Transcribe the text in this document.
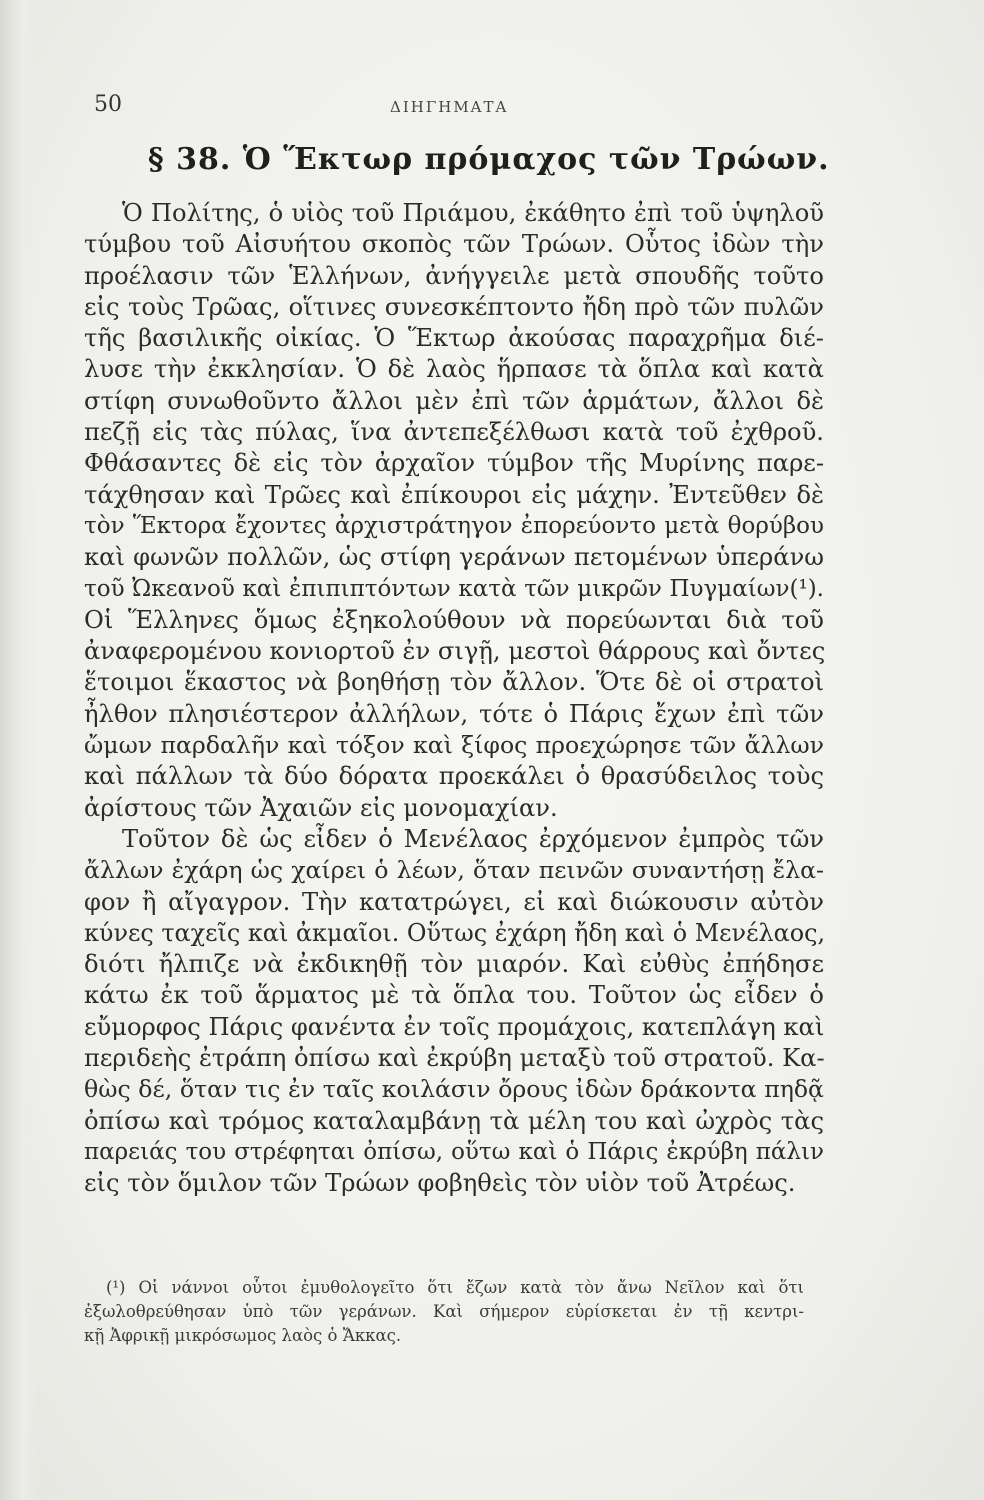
50	ΔΙΗΓΗΜΑΤΑ
§ 38. Ὁ Ἕκτωρ πρόμαχος τῶν Τρώων.
Ὁ Πολίτης, ὁ υἱὸς τοῦ Πριάμου, ἐκάθητο ἐπὶ τοῦ ὑψηλοῦ
τύμβου τοῦ Αἰσυήτου σκοπὸς τῶν Τρώων. Οὗτος ἰδὼν τὴν
προέλασιν τῶν Ἑλλήνων, ἀνήγγειλε μετὰ σπουδῆς τοῦτο
εἰς τοὺς Τρῶας, οἵτινες συνεσκέπτοντο ἤδη πρὸ τῶν πυλῶν
τῆς βασιλικῆς οἰκίας. Ὁ Ἕκτωρ ἀκούσας παραχρῆμα διέ-
λυσε τὴν ἐκκλησίαν. Ὁ δὲ λαὸς ἥρπασε τὰ ὅπλα καὶ κατὰ
στίφη συνωθοῦντο ἄλλοι μὲν ἐπὶ τῶν ἁρμάτων, ἄλλοι δὲ
πεζῇ εἰς τὰς πύλας, ἵνα ἀντεπεξέλθωσι κατὰ τοῦ ἐχθροῦ.
Φθάσαντες δὲ εἰς τὸν ἀρχαῖον τύμβον τῆς Μυρίνης παρε-
τάχθησαν καὶ Τρῶες καὶ ἐπίκουροι εἰς μάχην. Ἐντεῦθεν δὲ
τὸν Ἕκτορα ἔχοντες ἀρχιστράτηγον ἐπορεύοντο μετὰ θορύβου
καὶ φωνῶν πολλῶν, ὡς στίφη γεράνων πετομένων ὑπεράνω
τοῦ Ὠκεανοῦ καὶ ἐπιπιπτόντων κατὰ τῶν μικρῶν Πυγμαίων(¹).
Οἱ Ἕλληνες ὅμως ἐξηκολούθουν νὰ πορεύωνται διὰ τοῦ
ἀναφερομένου κονιορτοῦ ἐν σιγῇ, μεστοὶ θάρρους καὶ ὄντες
ἕτοιμοι ἕκαστος νὰ βοηθήσῃ τὸν ἄλλον. Ὅτε δὲ οἱ στρατοὶ
ἦλθον πλησιέστερον ἀλλήλων, τότε ὁ Πάρις ἔχων ἐπὶ τῶν
ὤμων παρδαλῆν καὶ τόξον καὶ ξίφος προεχώρησε τῶν ἄλλων
καὶ πάλλων τὰ δύο δόρατα προεκάλει ὁ θρασύδειλος τοὺς
ἀρίστους τῶν Ἀχαιῶν εἰς μονομαχίαν.
Τοῦτον δὲ ὡς εἶδεν ὁ Μενέλαος ἐρχόμενον ἐμπρὸς τῶν
ἄλλων ἐχάρη ὡς χαίρει ὁ λέων, ὅταν πεινῶν συναντήσῃ ἔλα-
φον ἢ αἴγαγρον. Τὴν κατατρώγει, εἰ καὶ διώκουσιν αὐτὸν
κύνες ταχεῖς καὶ ἀκμαῖοι. Οὕτως ἐχάρη ἤδη καὶ ὁ Μενέλαος,
διότι ἤλπιζε νὰ ἐκδικηθῇ τὸν μιαρόν. Καὶ εὐθὺς ἐπήδησε
κάτω ἐκ τοῦ ἅρματος μὲ τὰ ὅπλα του. Τοῦτον ὡς εἶδεν ὁ
εὔμορφος Πάρις φανέντα ἐν τοῖς προμάχοις, κατεπλάγη καὶ
περιδεὴς ἐτράπη ὀπίσω καὶ ἐκρύβη μεταξὺ τοῦ στρατοῦ. Κα-
θὼς δέ, ὅταν τις ἐν ταῖς κοιλάσιν ὄρους ἰδὼν δράκοντα πηδᾷ
ὀπίσω καὶ τρόμος καταλαμβάνῃ τὰ μέλη του καὶ ὠχρὸς τὰς
παρειάς του στρέφηται ὀπίσω, οὕτω καὶ ὁ Πάρις ἐκρύβη πάλιν
εἰς τὸν ὅμιλον τῶν Τρώων φοβηθεὶς τὸν υἱὸν τοῦ Ἀτρέως.
(¹) Οἱ νάννοι οὗτοι ἐμυθολογεῖτο ὅτι ἔζων κατὰ τὸν ἄνω Νεῖλον καὶ ὅτι
ἐξωλοθρεύθησαν ὑπὸ τῶν γεράνων. Καὶ σήμερον εὑρίσκεται ἐν τῇ κεντρι-
κῇ Ἀφρικῇ μικρόσωμος λαὸς ὁ Ἄκκας.
